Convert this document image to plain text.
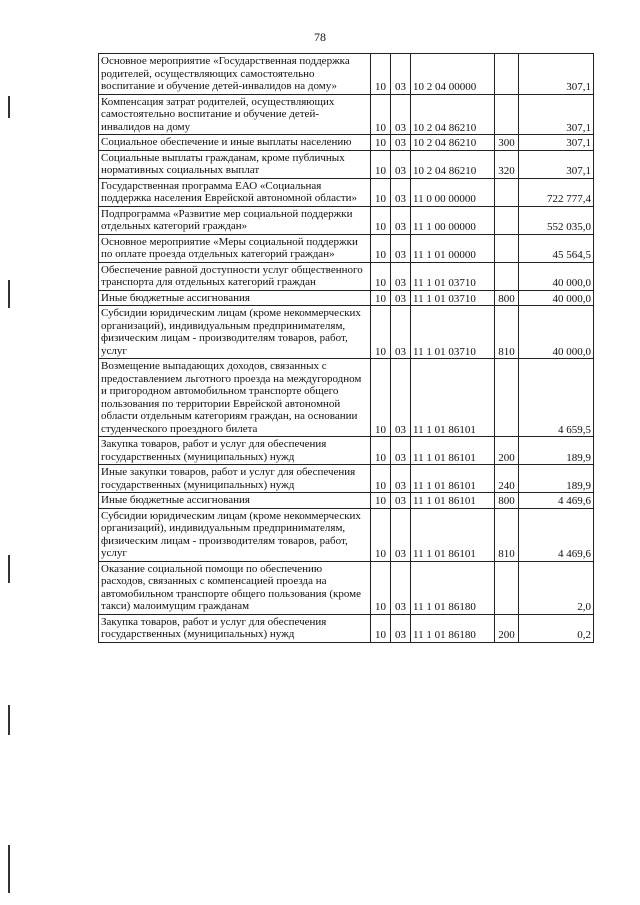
78
Основное мероприятие «Государственная поддержка родителей, осуществляющих самостоятельно воспитание и обучение детей-инвалидов на дому»	10	03	10 2 04 00000		307,1
Компенсация затрат родителей, осуществляющих самостоятельно воспитание и обучение детей-инвалидов на дому	10	03	10 2 04 86210		307,1
Социальное обеспечение и иные выплаты населению	10	03	10 2 04 86210	300	307,1
Социальные выплаты гражданам, кроме публичных нормативных социальных выплат	10	03	10 2 04 86210	320	307,1
Государственная программа ЕАО «Социальная поддержка населения Еврейской автономной области»	10	03	11 0 00 00000		722 777,4
Подпрограмма «Развитие мер социальной поддержки отдельных категорий граждан»	10	03	11 1 00 00000		552 035,0
Основное мероприятие «Меры социальной поддержки по оплате проезда отдельных категорий граждан»	10	03	11 1 01 00000		45 564,5
Обеспечение равной доступности услуг общественного транспорта для отдельных категорий граждан	10	03	11 1 01 03710		40 000,0
Иные бюджетные ассигнования	10	03	11 1 01 03710	800	40 000,0
Субсидии юридическим лицам (кроме некоммерческих организаций), индивидуальным предпринимателям, физическим лицам - производителям товаров, работ, услуг	10	03	11 1 01 03710	810	40 000,0
Возмещение выпадающих доходов, связанных с предоставлением льготного проезда на междугородном и пригородном автомобильном транспорте общего пользования по территории Еврейской автономной области отдельным категориям граждан, на основании студенческого проездного билета	10	03	11 1 01 86101		4 659,5
Закупка товаров, работ и услуг для обеспечения государственных (муниципальных) нужд	10	03	11 1 01 86101	200	189,9
Иные закупки товаров, работ и услуг для обеспечения государственных (муниципальных) нужд	10	03	11 1 01 86101	240	189,9
Иные бюджетные ассигнования	10	03	11 1 01 86101	800	4 469,6
Субсидии юридическим лицам (кроме некоммерческих организаций), индивидуальным предпринимателям, физическим лицам - производителям товаров, работ, услуг	10	03	11 1 01 86101	810	4 469,6
Оказание социальной помощи по обеспечению расходов, связанных с компенсацией проезда на автомобильном транспорте общего пользования (кроме такси) малоимущим гражданам	10	03	11 1 01 86180		2,0
Закупка товаров, работ и услуг для обеспечения государственных (муниципальных) нужд	10	03	11 1 01 86180	200	0,2
